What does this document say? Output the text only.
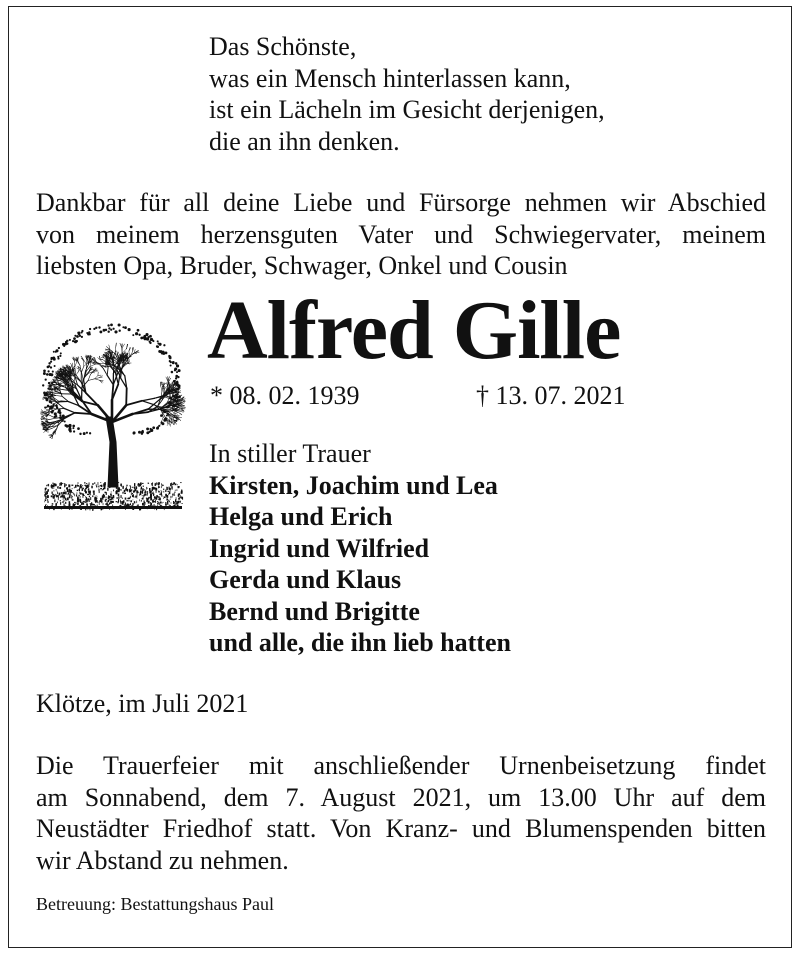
Das Schönste,
was ein Mensch hinterlassen kann,
ist ein Lächeln im Gesicht derjenigen,
die an ihn denken.
Dankbar für all deine Liebe und Fürsorge nehmen wir Abschied
von meinem herzensguten Vater und Schwiegervater, meinem
liebsten Opa, Bruder, Schwager, Onkel und Cousin
Alfred Gille
* 08. 02. 1939	† 13. 07. 2021
In stiller Trauer
Kirsten, Joachim und Lea
Helga und Erich
Ingrid und Wilfried
Gerda und Klaus
Bernd und Brigitte
und alle, die ihn lieb hatten
Klötze, im Juli 2021
Die Trauerfeier mit anschließender Urnenbeisetzung findet
am Sonnabend, dem 7. August 2021, um 13.00 Uhr auf dem
Neustädter Friedhof statt. Von Kranz- und Blumenspenden bitten
wir Abstand zu nehmen.
Betreuung: Bestattungshaus Paul
